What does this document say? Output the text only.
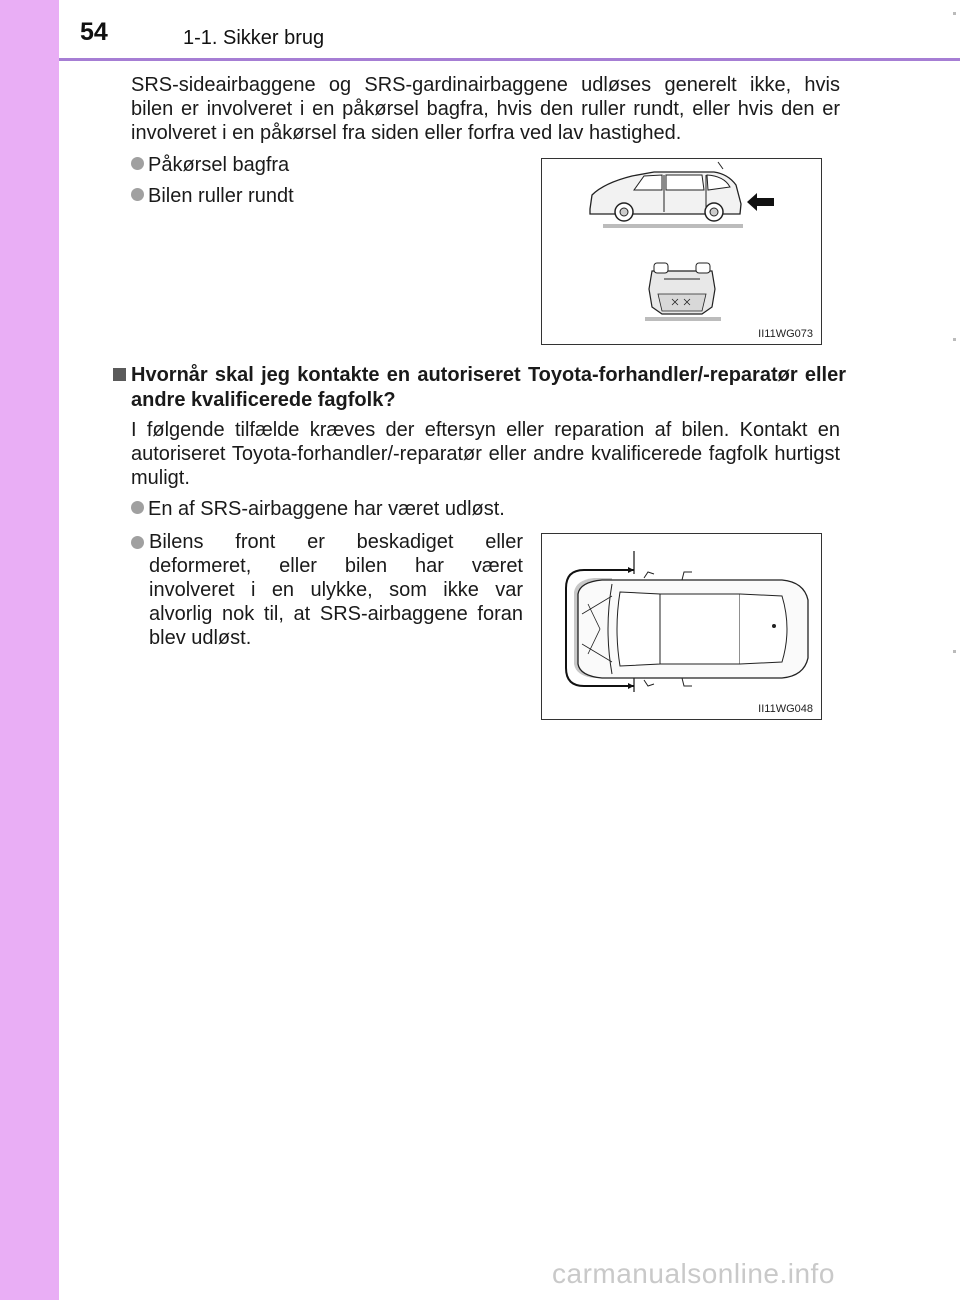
54	1-1. Sikker brug

SRS-sideairbaggene og SRS-gardinairbaggene udløses generelt ikke, hvis bilen er involveret i en påkørsel bagfra, hvis den ruller rundt, eller hvis den er involveret i en påkørsel fra siden eller forfra ved lav hastighed.

Påkørsel bagfra
Bilen ruller rundt
II11WG073

Hvornår skal jeg kontakte en autoriseret Toyota-forhandler/-reparatør eller andre kvalificerede fagfolk?

I følgende tilfælde kræves der eftersyn eller reparation af bilen. Kontakt en autoriseret Toyota-forhandler/-reparatør eller andre kvalificerede fagfolk hurtigst muligt.

En af SRS-airbaggene har været udløst.

Bilens front er beskadiget eller deformeret, eller bilen har været involveret i en ulykke, som ikke var alvorlig nok til, at SRS-airbaggene foran blev udløst.

II11WG048
carmanualsonline.info
